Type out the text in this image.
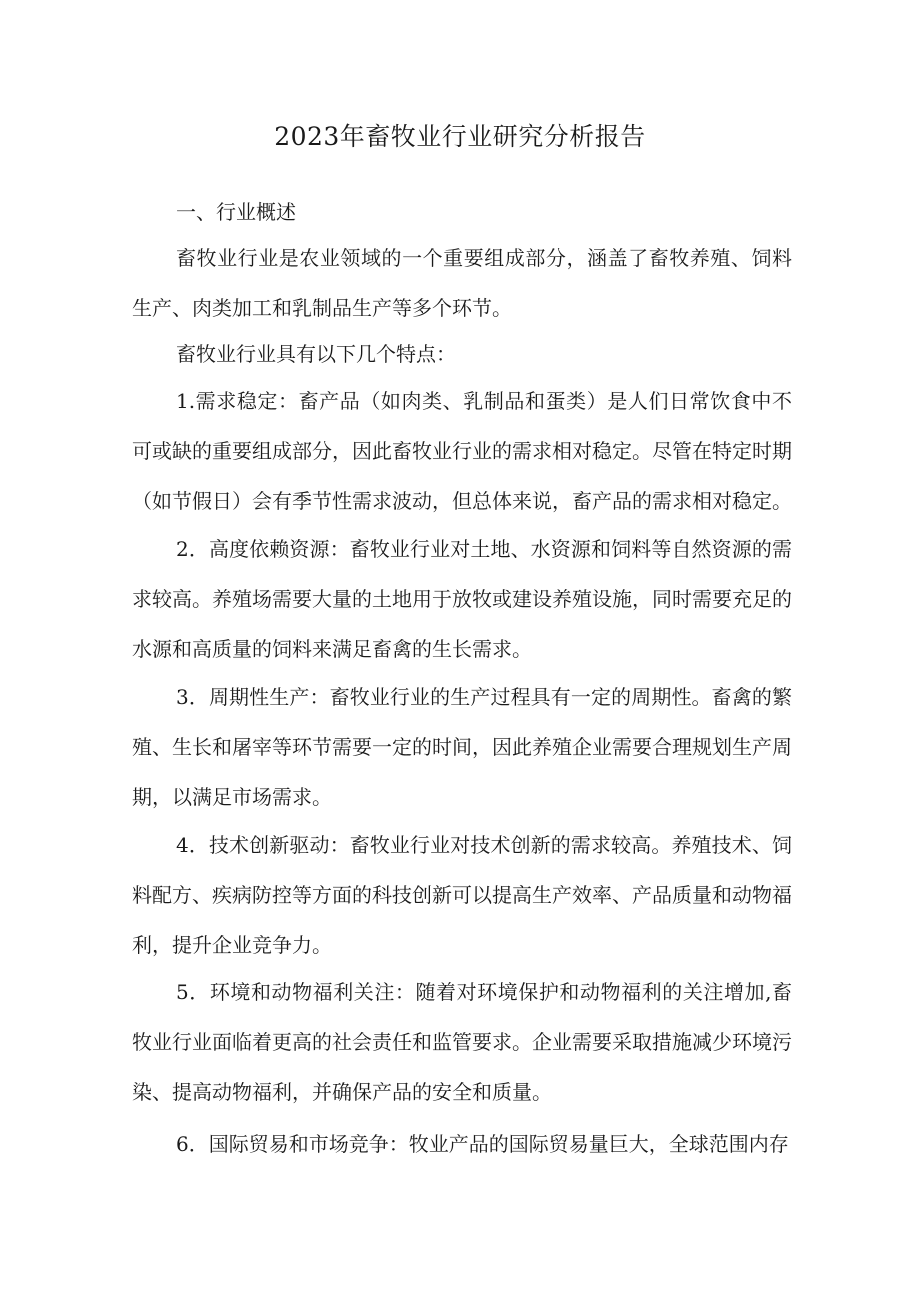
2023年畜牧业行业研究分析报告
一、行业概述
畜牧业行业是农业领域的一个重要组成部分，涵盖了畜牧养殖、饲料生产、肉类加工和乳制品生产等多个环节。
畜牧业行业具有以下几个特点：
1.需求稳定：畜产品（如肉类、乳制品和蛋类）是人们日常饮食中不可或缺的重要组成部分，因此畜牧业行业的需求相对稳定。尽管在特定时期（如节假日）会有季节性需求波动，但总体来说，畜产品的需求相对稳定。
2．高度依赖资源：畜牧业行业对土地、水资源和饲料等自然资源的需求较高。养殖场需要大量的土地用于放牧或建设养殖设施，同时需要充足的水源和高质量的饲料来满足畜禽的生长需求。
3．周期性生产：畜牧业行业的生产过程具有一定的周期性。畜禽的繁殖、生长和屠宰等环节需要一定的时间，因此养殖企业需要合理规划生产周期，以满足市场需求。
4．技术创新驱动：畜牧业行业对技术创新的需求较高。养殖技术、饲料配方、疾病防控等方面的科技创新可以提高生产效率、产品质量和动物福利，提升企业竞争力。
5．环境和动物福利关注：随着对环境保护和动物福利的关注增加,畜牧业行业面临着更高的社会责任和监管要求。企业需要采取措施减少环境污染、提高动物福利，并确保产品的安全和质量。
6．国际贸易和市场竞争：牧业产品的国际贸易量巨大，全球范围内存
